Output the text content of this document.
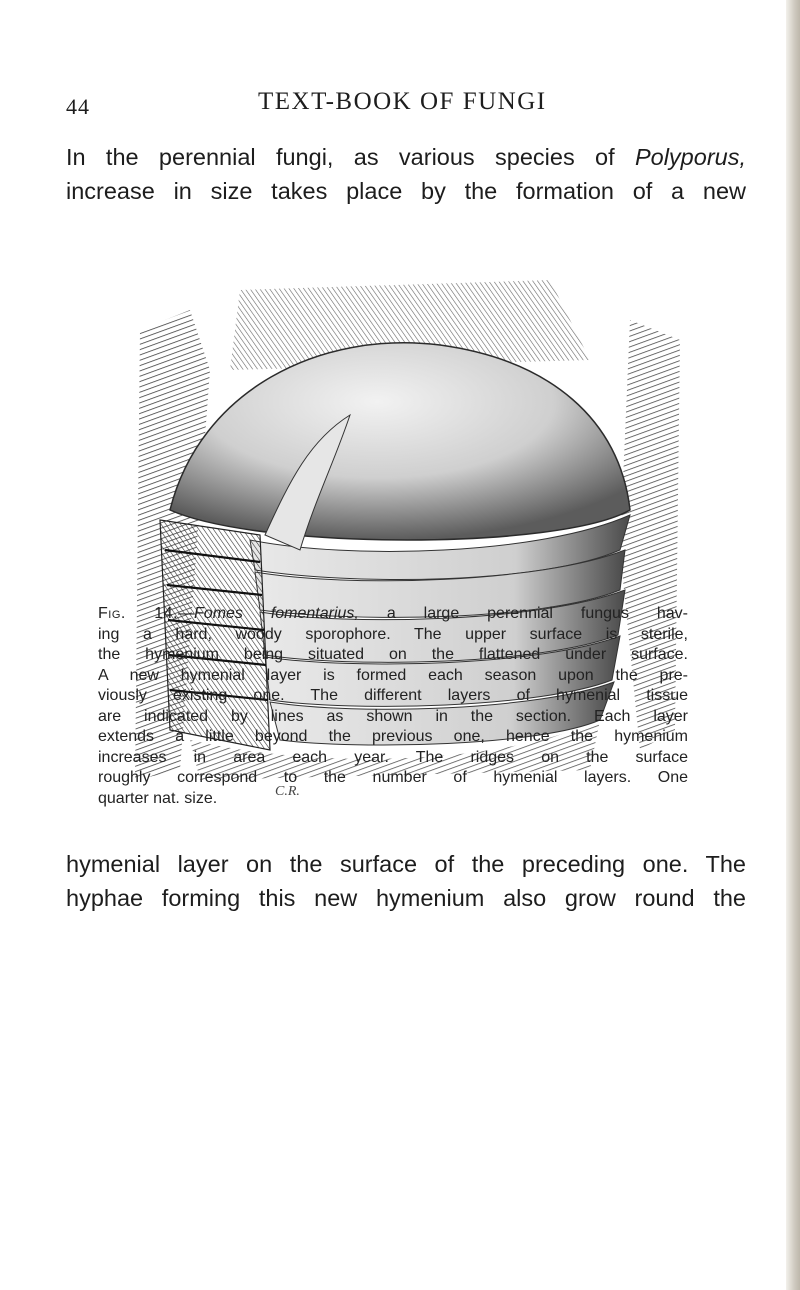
44	TEXT-BOOK OF FUNGI

In the perennial fungi, as various species of Polyporus,
increase in size takes place by the formation of a new

C.R.
Fig. 14.—Fomes fomentarius, a large perennial fungus hav-
ing a hard, woody sporophore. The upper surface is sterile,
the hymenium being situated on the flattened under surface.
A new hymenial layer is formed each season upon the pre-
viously existing one. The different layers of hymenial tissue
are indicated by lines as shown in the section. Each layer
extends a little beyond the previous one, hence the hymenium
increases in area each year. The ridges on the surface
roughly correspond to the number of hymenial layers. One
quarter nat. size.

hymenial layer on the surface of the preceding one. The
hyphae forming this new hymenium also grow round the
